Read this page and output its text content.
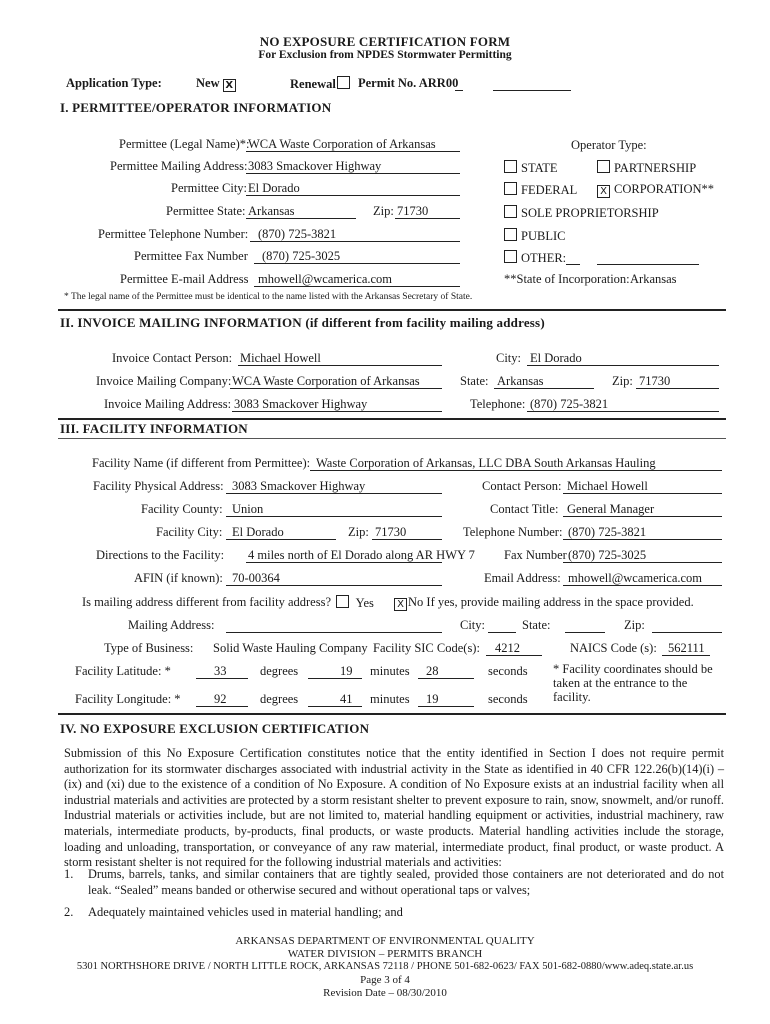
NO EXPOSURE CERTIFICATION FORM
For Exclusion from NPDES Stormwater Permitting
Application Type:	New X	Renewal	Permit No. ARR00
I. PERMITTEE/OPERATOR INFORMATION
Permittee (Legal Name)*:
WCA Waste Corporation of Arkansas
Permittee Mailing Address: 3083 Smackover Highway
Permittee City: El Dorado
Permittee State: Arkansas	Zip: 71730
Permittee Telephone Number: (870) 725-3821
Permittee Fax Number (870) 725-3025
Permittee E-mail Address mhowell@wcamerica.com
Operator Type:
STATE	PARTNERSHIP
FEDERAL	X CORPORATION**
SOLE PROPRIETORSHIP
PUBLIC
OTHER:
**State of Incorporation: Arkansas
* The legal name of the Permittee must be identical to the name listed with the Arkansas Secretary of State.
II. INVOICE MAILING INFORMATION (if different from facility mailing address)
Invoice Contact Person: Michael Howell	City: El Dorado
Invoice Mailing Company: WCA Waste Corporation of Arkansas	State: Arkansas	Zip: 71730
Invoice Mailing Address: 3083 Smackover Highway	Telephone: (870) 725-3821
III. FACILITY INFORMATION
Facility Name (if different from Permittee): Waste Corporation of Arkansas, LLC DBA South Arkansas Hauling
Facility Physical Address: 3083 Smackover Highway	Contact Person: Michael Howell
Facility County: Union	Contact Title: General Manager
Facility City: El Dorado	Zip: 71730	Telephone Number: (870) 725-3821
Directions to the Facility: 4 miles north of El Dorado along AR HWY 7 Fax Number (870) 725-3025
AFIN (if known): 70-00364	Email Address: mhowell@wcamerica.com
Is mailing address different from facility address?	Yes	X No If yes, provide mailing address in the space provided.
Mailing Address:	City:	State:	Zip:
Type of Business: Solid Waste Hauling Company Facility SIC Code(s): 4212	NAICS Code (s): 562111
Facility Latitude: *	33	degrees	19 minutes 28	seconds
Facility Longitude: *	92	degrees	41 minutes 19	seconds
* Facility coordinates should be taken at the entrance to the facility.
IV. NO EXPOSURE EXCLUSION CERTIFICATION
Submission of this No Exposure Certification constitutes notice that the entity identified in Section I does not require permit authorization for its stormwater discharges associated with industrial activity in the State as identified in 40 CFR 122.26(b)(14)(i) – (ix) and (xi) due to the existence of a condition of No Exposure. A condition of No Exposure exists at an industrial facility when all industrial materials and activities are protected by a storm resistant shelter to prevent exposure to rain, snow, snowmelt, and/or runoff. Industrial materials or activities include, but are not limited to, material handling equipment or activities, industrial machinery, raw materials, intermediate products, by-products, final products, or waste products. Material handling activities include the storage, loading and unloading, transportation, or conveyance of any raw material, intermediate product, final product, or waste product. A storm resistant shelter is not required for the following industrial materials and activities:
1. Drums, barrels, tanks, and similar containers that are tightly sealed, provided those containers are not deteriorated and do not leak. “Sealed” means banded or otherwise secured and without operational taps or valves;
2. Adequately maintained vehicles used in material handling; and
ARKANSAS DEPARTMENT OF ENVIRONMENTAL QUALITY
WATER DIVISION – PERMITS BRANCH
5301 NORTHSHORE DRIVE / NORTH LITTLE ROCK, ARKANSAS 72118 / PHONE 501-682-0623/ FAX 501-682-0880/www.adeq.state.ar.us
Page 3 of 4
Revision Date – 08/30/2010
